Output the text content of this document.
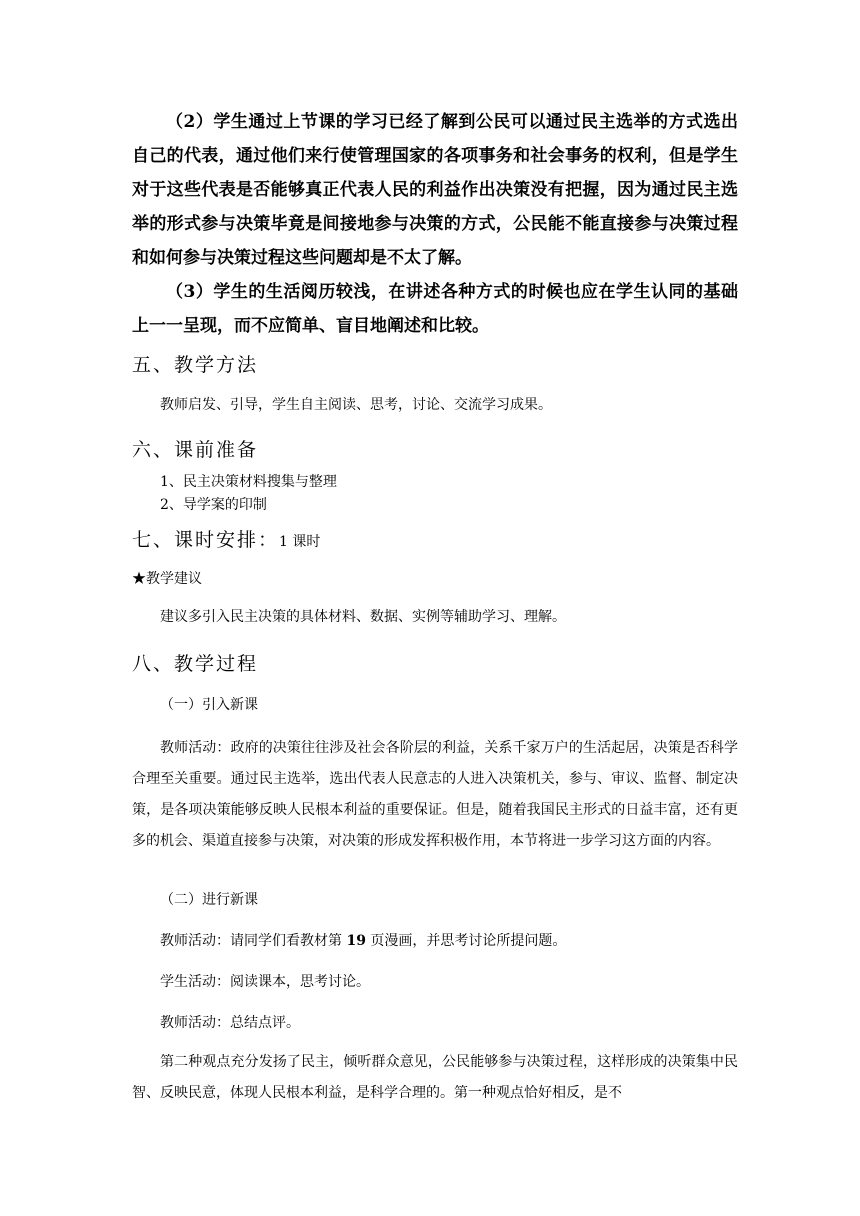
（2）学生通过上节课的学习已经了解到公民可以通过民主选举的方式选出自己的代表，通过他们来行使管理国家的各项事务和社会事务的权利，但是学生对于这些代表是否能够真正代表人民的利益作出决策没有把握，因为通过民主选举的形式参与决策毕竟是间接地参与决策的方式，公民能不能直接参与决策过程和如何参与决策过程这些问题却是不太了解。

（3）学生的生活阅历较浅，在讲述各种方式的时候也应在学生认同的基础上一一呈现，而不应简单、盲目地阐述和比较。

五、教学方法

教师启发、引导，学生自主阅读、思考，讨论、交流学习成果。

六、课前准备

1、民主决策材料搜集与整理

2、导学案的印制

七、课时安排：1 课时

★教学建议

建议多引入民主决策的具体材料、数据、实例等辅助学习、理解。

八、教学过程

（一）引入新课

教师活动：政府的决策往往涉及社会各阶层的利益，关系千家万户的生活起居，决策是否科学合理至关重要。通过民主选举，选出代表人民意志的人进入决策机关，参与、审议、监督、制定决策，是各项决策能够反映人民根本利益的重要保证。但是，随着我国民主形式的日益丰富，还有更多的机会、渠道直接参与决策，对决策的形成发挥积极作用，本节将进一步学习这方面的内容。

（二）进行新课

教师活动：请同学们看教材第 19 页漫画，并思考讨论所提问题。

学生活动：阅读课本，思考讨论。

教师活动：总结点评。

第二种观点充分发扬了民主，倾听群众意见，公民能够参与决策过程，这样形成的决策集中民智、反映民意，体现人民根本利益，是科学合理的。第一种观点恰好相反，是不
